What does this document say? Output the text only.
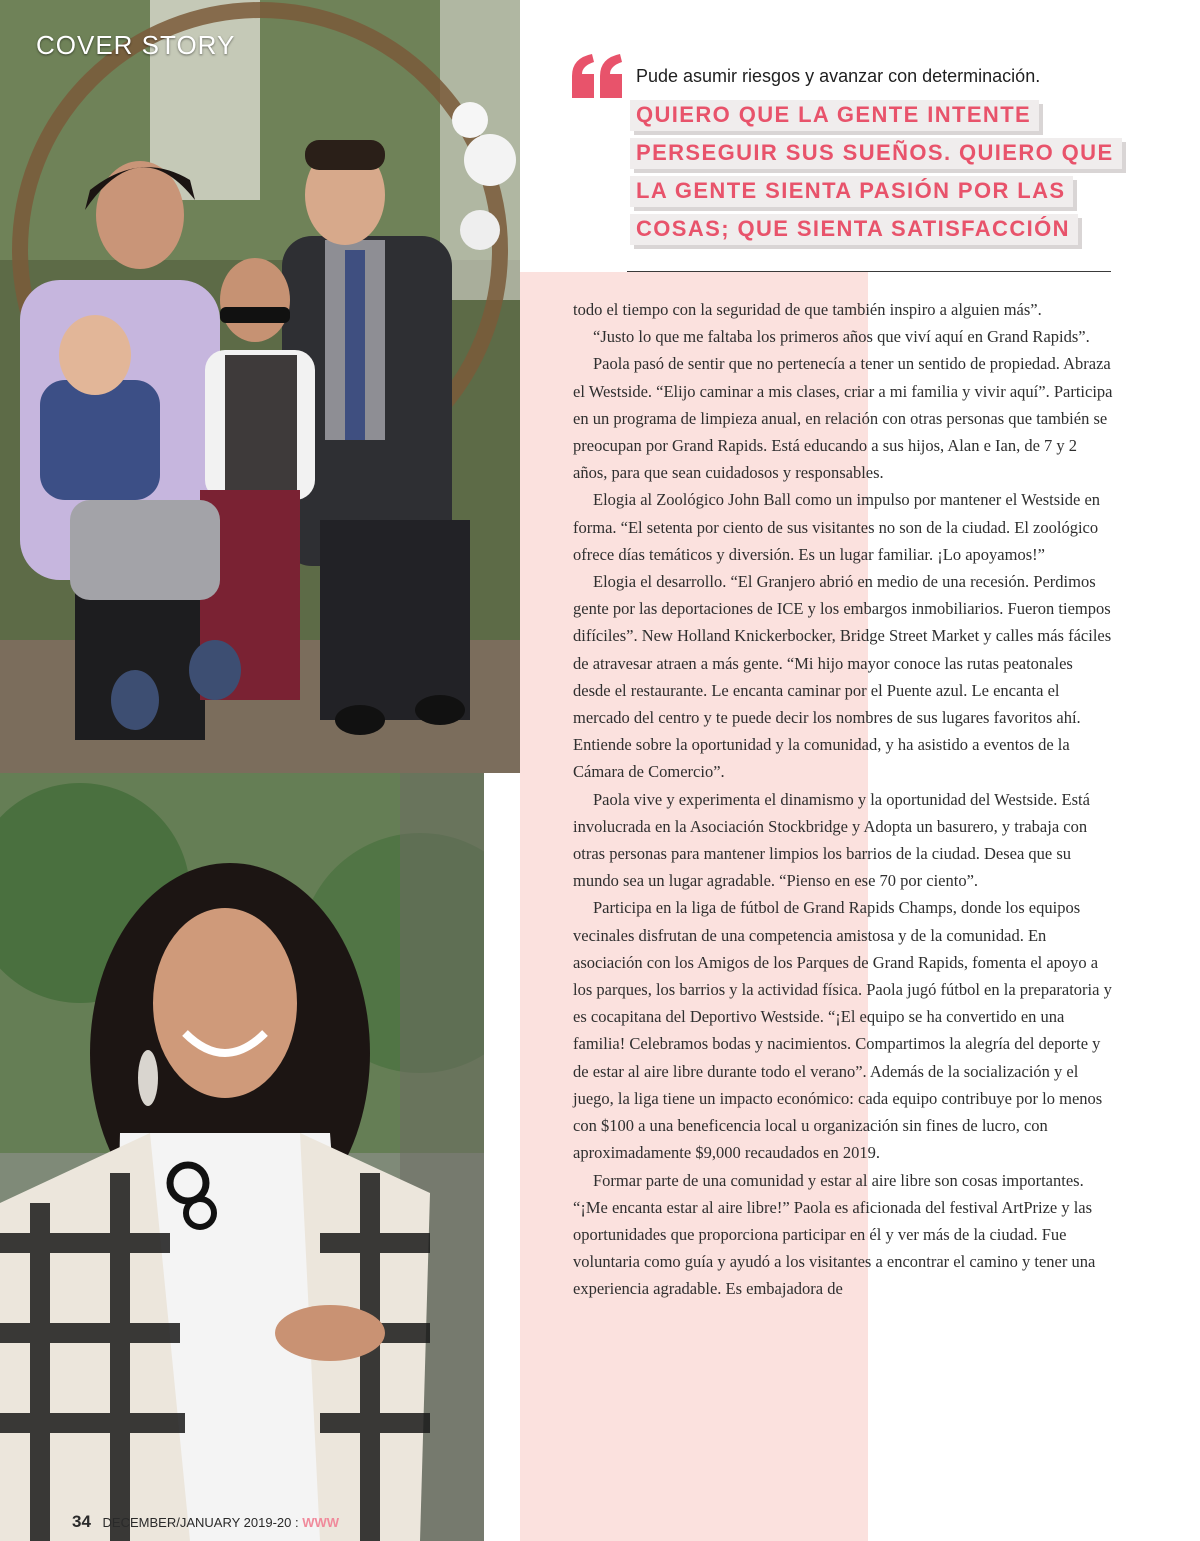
COVER STORY

Pude asumir riesgos y avanzar con determinación.

QUIERO QUE LA GENTE INTENTE
PERSEGUIR SUS SUEÑOS. QUIERO QUE
LA GENTE SIENTA PASIÓN POR LAS
COSAS; QUE SIENTA SATISFACCIÓN

todo el tiempo con la seguridad de que también inspiro a alguien más”.

“Justo lo que me faltaba los primeros años que viví aquí en Grand Rapids”.

Paola pasó de sentir que no pertenecía a tener un sentido de propiedad. Abraza el Westside. “Elijo caminar a mis clases, criar a mi familia y vivir aquí”. Participa en un programa de limpieza anual, en relación con otras personas que también se preocupan por Grand Rapids. Está educando a sus hijos, Alan e Ian, de 7 y 2 años, para que sean cuidadosos y responsables.

Elogia al Zoológico John Ball como un impulso por mantener el Westside en forma. “El setenta por ciento de sus visitantes no son de la ciudad. El zoológico ofrece días temáticos y diversión. Es un lugar familiar. ¡Lo apoyamos!”

Elogia el desarrollo. “El Granjero abrió en medio de una recesión. Perdimos gente por las deportaciones de ICE y los embargos inmobiliarios. Fueron tiempos difíciles”. New Holland Knickerbocker, Bridge Street Market y calles más fáciles de atravesar atraen a más gente. “Mi hijo mayor conoce las rutas peatonales desde el restaurante. Le encanta caminar por el Puente azul. Le encanta el mercado del centro y te puede decir los nombres de sus lugares favoritos ahí. Entiende sobre la oportunidad y la comunidad, y ha asistido a eventos de la Cámara de Comercio”.

Paola vive y experimenta el dinamismo y la oportunidad del Westside. Está involucrada en la Asociación Stockbridge y Adopta un basurero, y trabaja con otras personas para mantener limpios los barrios de la ciudad. Desea que su mundo sea un lugar agradable. “Pienso en ese 70 por ciento”.

Participa en la liga de fútbol de Grand Rapids Champs, donde los equipos vecinales disfrutan de una competencia amistosa y de la comunidad. En asociación con los Amigos de los Parques de Grand Rapids, fomenta el apoyo a los parques, los barrios y la actividad física. Paola jugó fútbol en la preparatoria y es cocapitana del Deportivo Westside. “¡El equipo se ha convertido en una familia! Celebramos bodas y nacimientos. Compartimos la alegría del deporte y de estar al aire libre durante todo el verano”. Además de la socialización y el juego, la liga tiene un impacto económico: cada equipo contribuye por lo menos con $100 a una beneficencia local u organización sin fines de lucro, con aproximadamente $9,000 recaudados en 2019.

Formar parte de una comunidad y estar al aire libre son cosas importantes. “¡Me encanta estar al aire libre!” Paola es aficionada del festival ArtPrize y las oportunidades que proporciona participar en él y ver más de la ciudad. Fue voluntaria como guía y ayudó a los visitantes a encontrar el camino y tener una experiencia agradable. Es embajadora de

34 DECEMBER/JANUARY 2019-20 : WWW
